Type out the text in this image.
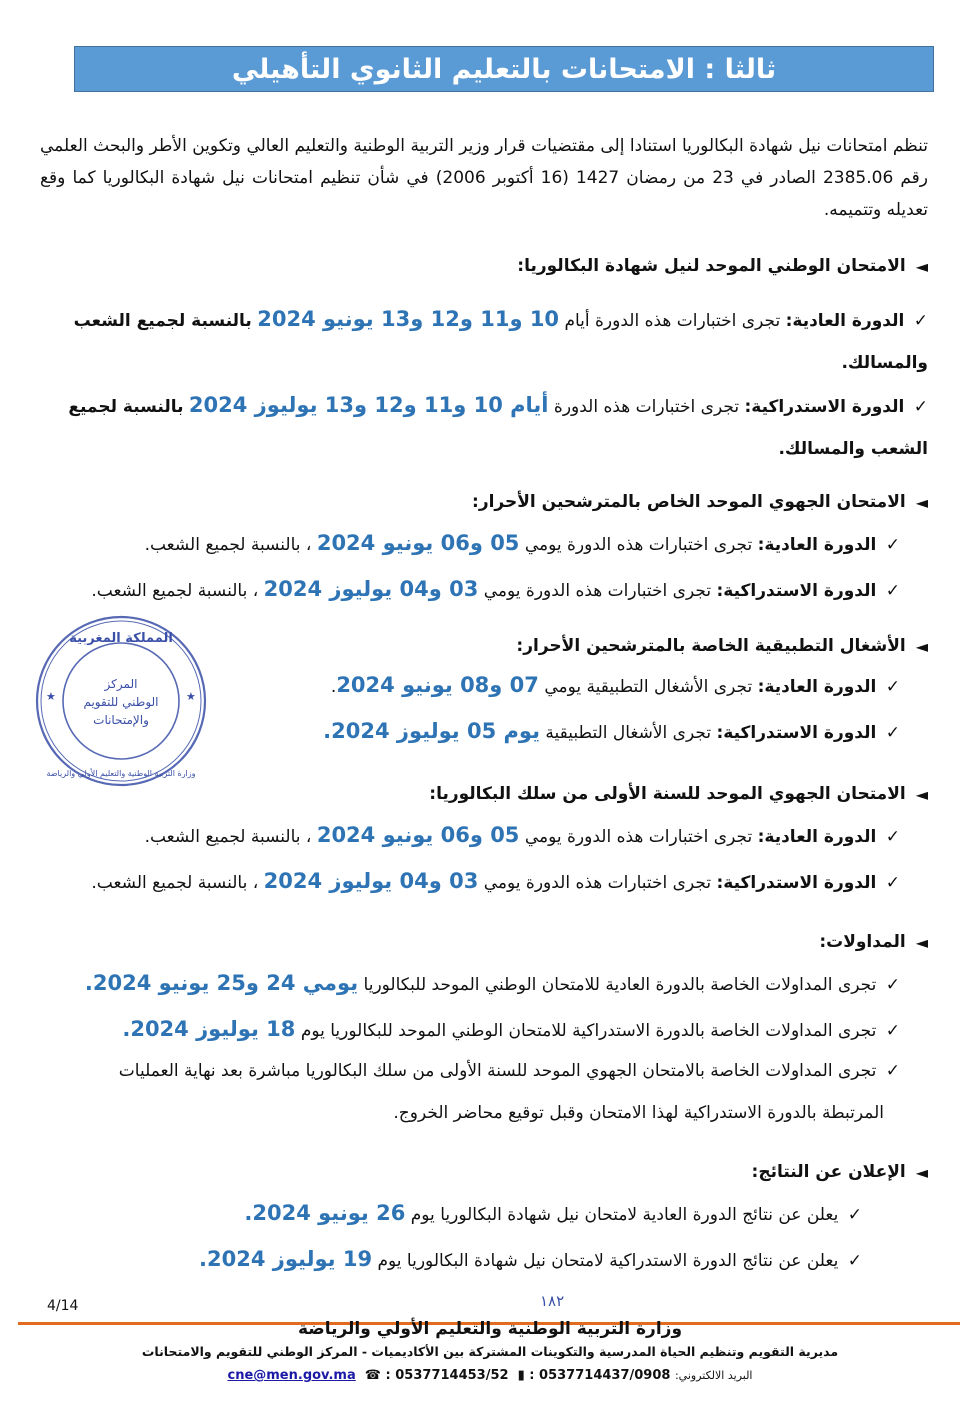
ثالثا : الامتحانات بالتعليم الثانوي التأهيلي
تنظم امتحانات نيل شهادة البكالوريا استنادا إلى مقتضيات قرار وزير التربية الوطنية والتعليم العالي وتكوين الأطر والبحث العلمي رقم 2385.06 الصادر في 23 من رمضان 1427 (16 أكتوبر 2006) في شأن تنظيم امتحانات نيل شهادة البكالوريا كما وقع تعديله وتتميمه.
◄
الامتحان الوطني الموحد لنيل شهادة البكالوريا:
✓ الدورة العادية: تجرى اختبارات هذه الدورة أيام 10 و11 و12 و13 يونيو 2024 بالنسبة لجميع الشعب
والمسالك.
✓ الدورة الاستدراكية: تجرى اختبارات هذه الدورة أيام 10 و11 و12 و13 يوليوز 2024 بالنسبة لجميع
الشعب والمسالك.
◄
الامتحان الجهوي الموحد الخاص بالمترشحين الأحرار:
✓ الدورة العادية: تجرى اختبارات هذه الدورة يومي 05 و06 يونيو 2024 ، بالنسبة لجميع الشعب.
✓ الدورة الاستدراكية: تجرى اختبارات هذه الدورة يومي 03 و04 يوليوز 2024 ، بالنسبة لجميع الشعب.
◄
الأشغال التطبيقية الخاصة بالمترشحين الأحرار:
✓ الدورة العادية: تجرى الأشغال التطبيقية يومي 07 و08 يونيو 2024.
✓ الدورة الاستدراكية: تجرى الأشغال التطبيقية يوم 05 يوليوز 2024.
◄
الامتحان الجهوي الموحد للسنة الأولى من سلك البكالوريا:
✓ الدورة العادية: تجرى اختبارات هذه الدورة يومي 05 و06 يونيو 2024 ، بالنسبة لجميع الشعب.
✓ الدورة الاستدراكية: تجرى اختبارات هذه الدورة يومي 03 و04 يوليوز 2024 ، بالنسبة لجميع الشعب.
◄
المداولات:
✓ تجرى المداولات الخاصة بالدورة العادية للامتحان الوطني الموحد للبكالوريا يومي 24 و25 يونيو 2024.
✓ تجرى المداولات الخاصة بالدورة الاستدراكية للامتحان الوطني الموحد للبكالوريا يوم 18 يوليوز 2024.
✓ تجرى المداولات الخاصة بالامتحان الجهوي الموحد للسنة الأولى من سلك البكالوريا مباشرة بعد نهاية العمليات
المرتبطة بالدورة الاستدراكية لهذا الامتحان وقبل توقيع محاضر الخروج.
◄
الإعلان عن النتائج:
✓ يعلن عن نتائج الدورة العادية لامتحان نيل شهادة البكالوريا يوم 26 يونيو 2024.
✓ يعلن عن نتائج الدورة الاستدراكية لامتحان نيل شهادة البكالوريا يوم 19 يوليوز 2024.
★	★
المملكة المغربية
وزارة التربية الوطنية والتعليم الأولي والرياضة
المركز
الوطني للتقويم
والإمتحانات
4/14	١٨٢
وزارة التربية الوطنية والتعليم الأولي والرياضة
مديرية التقويم وتنظيم الحياة المدرسية والتكوينات المشتركة بين الأكاديميات - المركز الوطني للتقويم والامتحانات
البريد الالكتروني: cne@men.gov.ma ☎ : 0537714453/52 ▮ : 0537714437/0908
